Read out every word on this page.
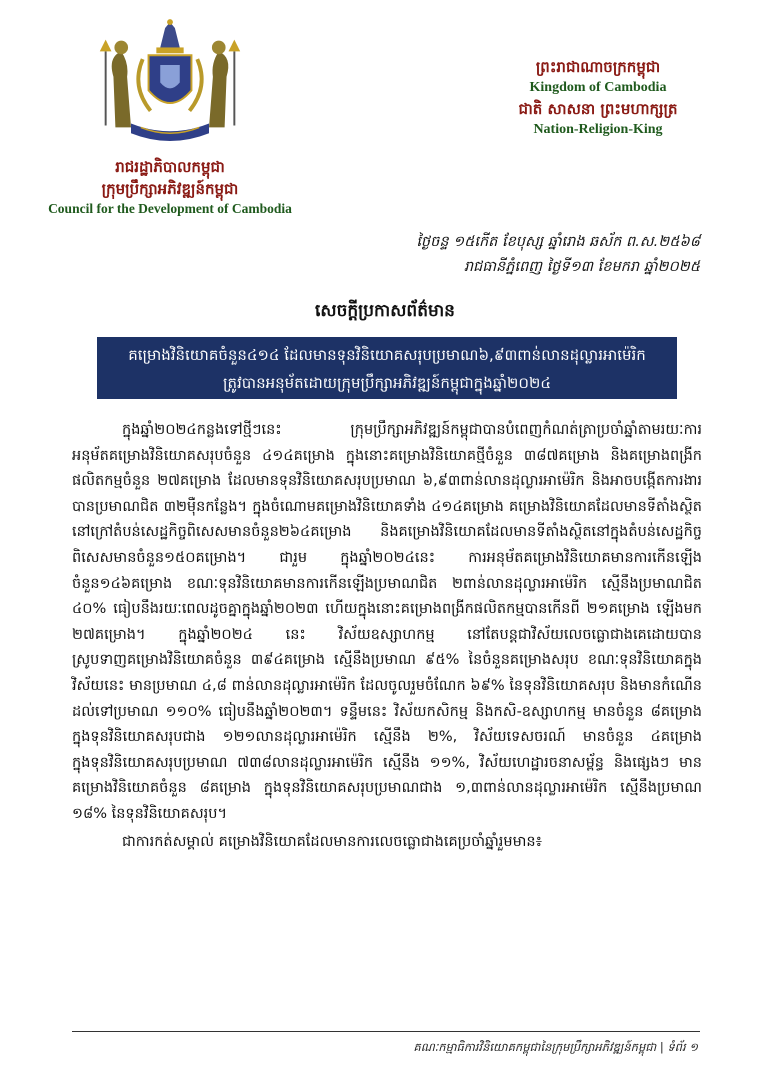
រាជរដ្ឋាភិបាលកម្ពុជា
ក្រុមប្រឹក្សាអភិវឌ្ឍន៍កម្ពុជា
Council for the Development of Cambodia
ព្រះរាជាណាចក្រកម្ពុជា
Kingdom of Cambodia
ជាតិ សាសនា ព្រះមហាក្សត្រ
Nation-Religion-King
ថ្ងៃចន្ទ ១៥កើត ខែបុស្ស ឆ្នាំរោង ឆស័ក ព.ស.២៥៦៨
រាជធានីភ្នំពេញ ថ្ងៃទី១៣ ខែមករា ឆ្នាំ២០២៥
សេចក្តីប្រកាសព័ត៌មាន
គម្រោងវិនិយោគចំនួន៤១៤ ដែលមានទុនវិនិយោគសរុបប្រមាណ៦,៩៣ពាន់លានដុល្លារអាម៉េរិក
ត្រូវបានអនុម័តដោយក្រុមប្រឹក្សាអភិវឌ្ឍន៍កម្ពុជាក្នុងឆ្នាំ២០២៤

ក្នុងឆ្នាំ២០២៤កន្លងទៅថ្មីៗនេះ ក្រុមប្រឹក្សាអភិវឌ្ឍន៍កម្ពុជាបានបំពេញកំណត់ត្រាប្រចាំឆ្នាំតាមរយៈការអនុម័តគម្រោងវិនិយោគសរុបចំនួន ៤១៤គម្រោង ក្នុងនោះគម្រោងវិនិយោគថ្មីចំនួន ៣៨៧គម្រោង និងគម្រោងពង្រីកផលិតកម្មចំនួន ២៧គម្រោង ដែលមានទុនវិនិយោគសរុបប្រមាណ ៦,៩៣ពាន់លានដុល្លារអាម៉េរិក និងអាចបង្កើតការងារបានប្រមាណជិត ៣២ម៉ឺនកន្លែង។ ក្នុងចំណោមគម្រោងវិនិយោគទាំង ៤១៤គម្រោង គម្រោងវិនិយោគដែលមានទីតាំងស្ថិតនៅក្រៅតំបន់សេដ្ឋកិច្ចពិសេសមានចំនួន២៦៤គម្រោង និងគម្រោងវិនិយោគដែលមានទីតាំងស្ថិតនៅក្នុងតំបន់សេដ្ឋកិច្ចពិសេសមានចំនួន១៥០គម្រោង។ ជារួម ក្នុងឆ្នាំ២០២៤នេះ ការអនុម័តគម្រោងវិនិយោគមានការកើនឡើងចំនួន១៤៦គម្រោង ខណៈទុនវិនិយោគមានការកើនឡើងប្រមាណជិត ២ពាន់លានដុល្លារអាម៉េរិក ស្មើនឹងប្រមាណជិត ៤០% ធៀបនឹងរយៈពេលដូចគ្នាក្នុងឆ្នាំ២០២៣ ហើយក្នុងនោះគម្រោងពង្រីកផលិតកម្មបានកើនពី ២១គម្រោង ឡើងមក ២៧គម្រោង។ ក្នុងឆ្នាំ២០២៤ នេះ វិស័យឧស្សាហកម្ម នៅតែបន្តជាវិស័យលេចធ្លោជាងគេដោយបានស្រូបទាញគម្រោងវិនិយោគចំនួន ៣៩៤គម្រោង ស្មើនឹងប្រមាណ ៩៥% នៃចំនួនគម្រោងសរុប ខណៈទុនវិនិយោគក្នុងវិស័យនេះ មានប្រមាណ ៤,៨ ពាន់លានដុល្លារអាម៉េរិក ដែលចូលរួមចំណែក ៦៩% នៃទុនវិនិយោគសរុប និងមានកំណើនដល់ទៅប្រមាណ ១១០% ធៀបនឹងឆ្នាំ២០២៣។ ទន្ទឹមនេះ វិស័យកសិកម្ម និងកសិ-ឧស្សាហកម្ម មានចំនួន ៨គម្រោង ក្នុងទុនវិនិយោគសរុបជាង ១២១លានដុល្លារអាម៉េរិក ស្មើនឹង ២%, វិស័យទេសចរណ៍ មានចំនួន ៤គម្រោង ក្នុងទុនវិនិយោគសរុបប្រមាណ ៧៣៨លានដុល្លារអាម៉េរិក ស្មើនឹង ១១%, វិស័យហេដ្ឋារចនាសម្ព័ន្ធ និងផ្សេងៗ មានគម្រោងវិនិយោគចំនួន ៨គម្រោង ក្នុងទុនវិនិយោគសរុបប្រមាណជាង ១,៣ពាន់លានដុល្លារអាម៉េរិក ស្មើនឹងប្រមាណ ១៨% នៃទុនវិនិយោគសរុប។

ជាការកត់សម្គាល់ គម្រោងវិនិយោគដែលមានការលេចធ្លោជាងគេប្រចាំឆ្នាំរួមមាន៖

គណៈកម្មាធិការវិនិយោគកម្ពុជានៃក្រុមប្រឹក្សាអភិវឌ្ឍន៍កម្ពុជា | ទំព័រ ១
